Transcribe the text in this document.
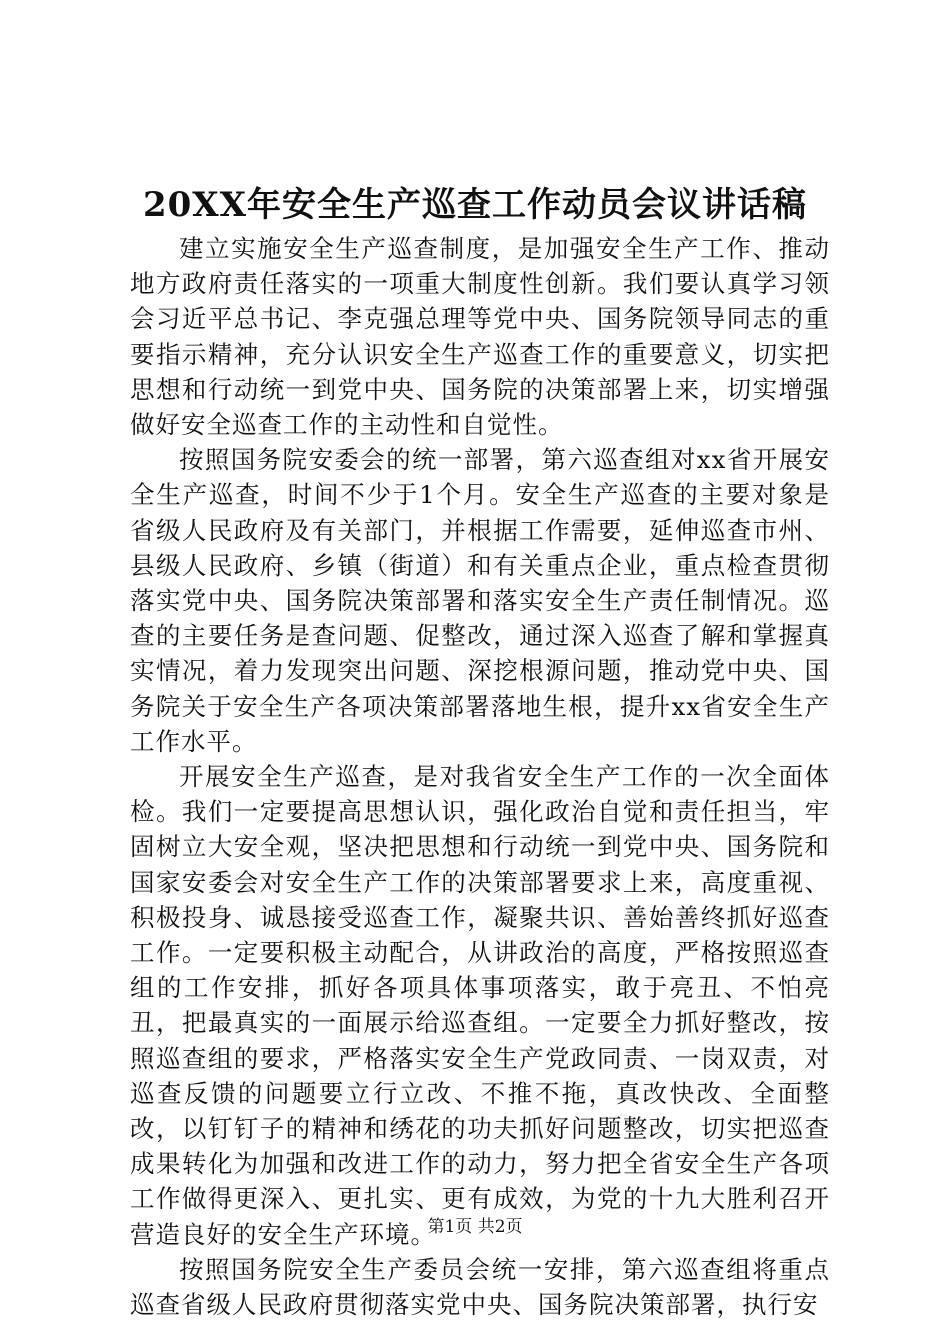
20XX年安全生产巡查工作动员会议讲话稿

建立实施安全生产巡查制度，是加强安全生产工作、推动地方政府责任落实的一项重大制度性创新。我们要认真学习领会习近平总书记、李克强总理等党中央、国务院领导同志的重要指示精神，充分认识安全生产巡查工作的重要意义，切实把思想和行动统一到党中央、国务院的决策部署上来，切实增强做好安全巡查工作的主动性和自觉性。

按照国务院安委会的统一部署，第六巡查组对xx省开展安全生产巡查，时间不少于1个月。安全生产巡查的主要对象是省级人民政府及有关部门，并根据工作需要，延伸巡查市州、县级人民政府、乡镇（街道）和有关重点企业，重点检查贯彻落实党中央、国务院决策部署和落实安全生产责任制情况。巡查的主要任务是查问题、促整改，通过深入巡查了解和掌握真实情况，着力发现突出问题、深挖根源问题，推动党中央、国务院关于安全生产各项决策部署落地生根，提升xx省安全生产工作水平。

开展安全生产巡查，是对我省安全生产工作的一次全面体检。我们一定要提高思想认识，强化政治自觉和责任担当，牢固树立大安全观，坚决把思想和行动统一到党中央、国务院和国家安委会对安全生产工作的决策部署要求上来，高度重视、积极投身、诚恳接受巡查工作，凝聚共识、善始善终抓好巡查工作。一定要积极主动配合，从讲政治的高度，严格按照巡查组的工作安排，抓好各项具体事项落实，敢于亮丑、不怕亮丑，把最真实的一面展示给巡查组。一定要全力抓好整改，按照巡查组的要求，严格落实安全生产党政同责、一岗双责，对巡查反馈的问题要立行立改、不推不拖，真改快改、全面整改，以钉钉子的精神和绣花的功夫抓好问题整改，切实把巡查成果转化为加强和改进工作的动力，努力把全省安全生产各项工作做得更深入、更扎实、更有成效，为党的十九大胜利召开营造良好的安全生产环境。

按照国务院安全生产委员会统一安排，第六巡查组将重点巡查省级人民政府贯彻落实党中央、国务院决策部署，执行安

第1页 共2页
